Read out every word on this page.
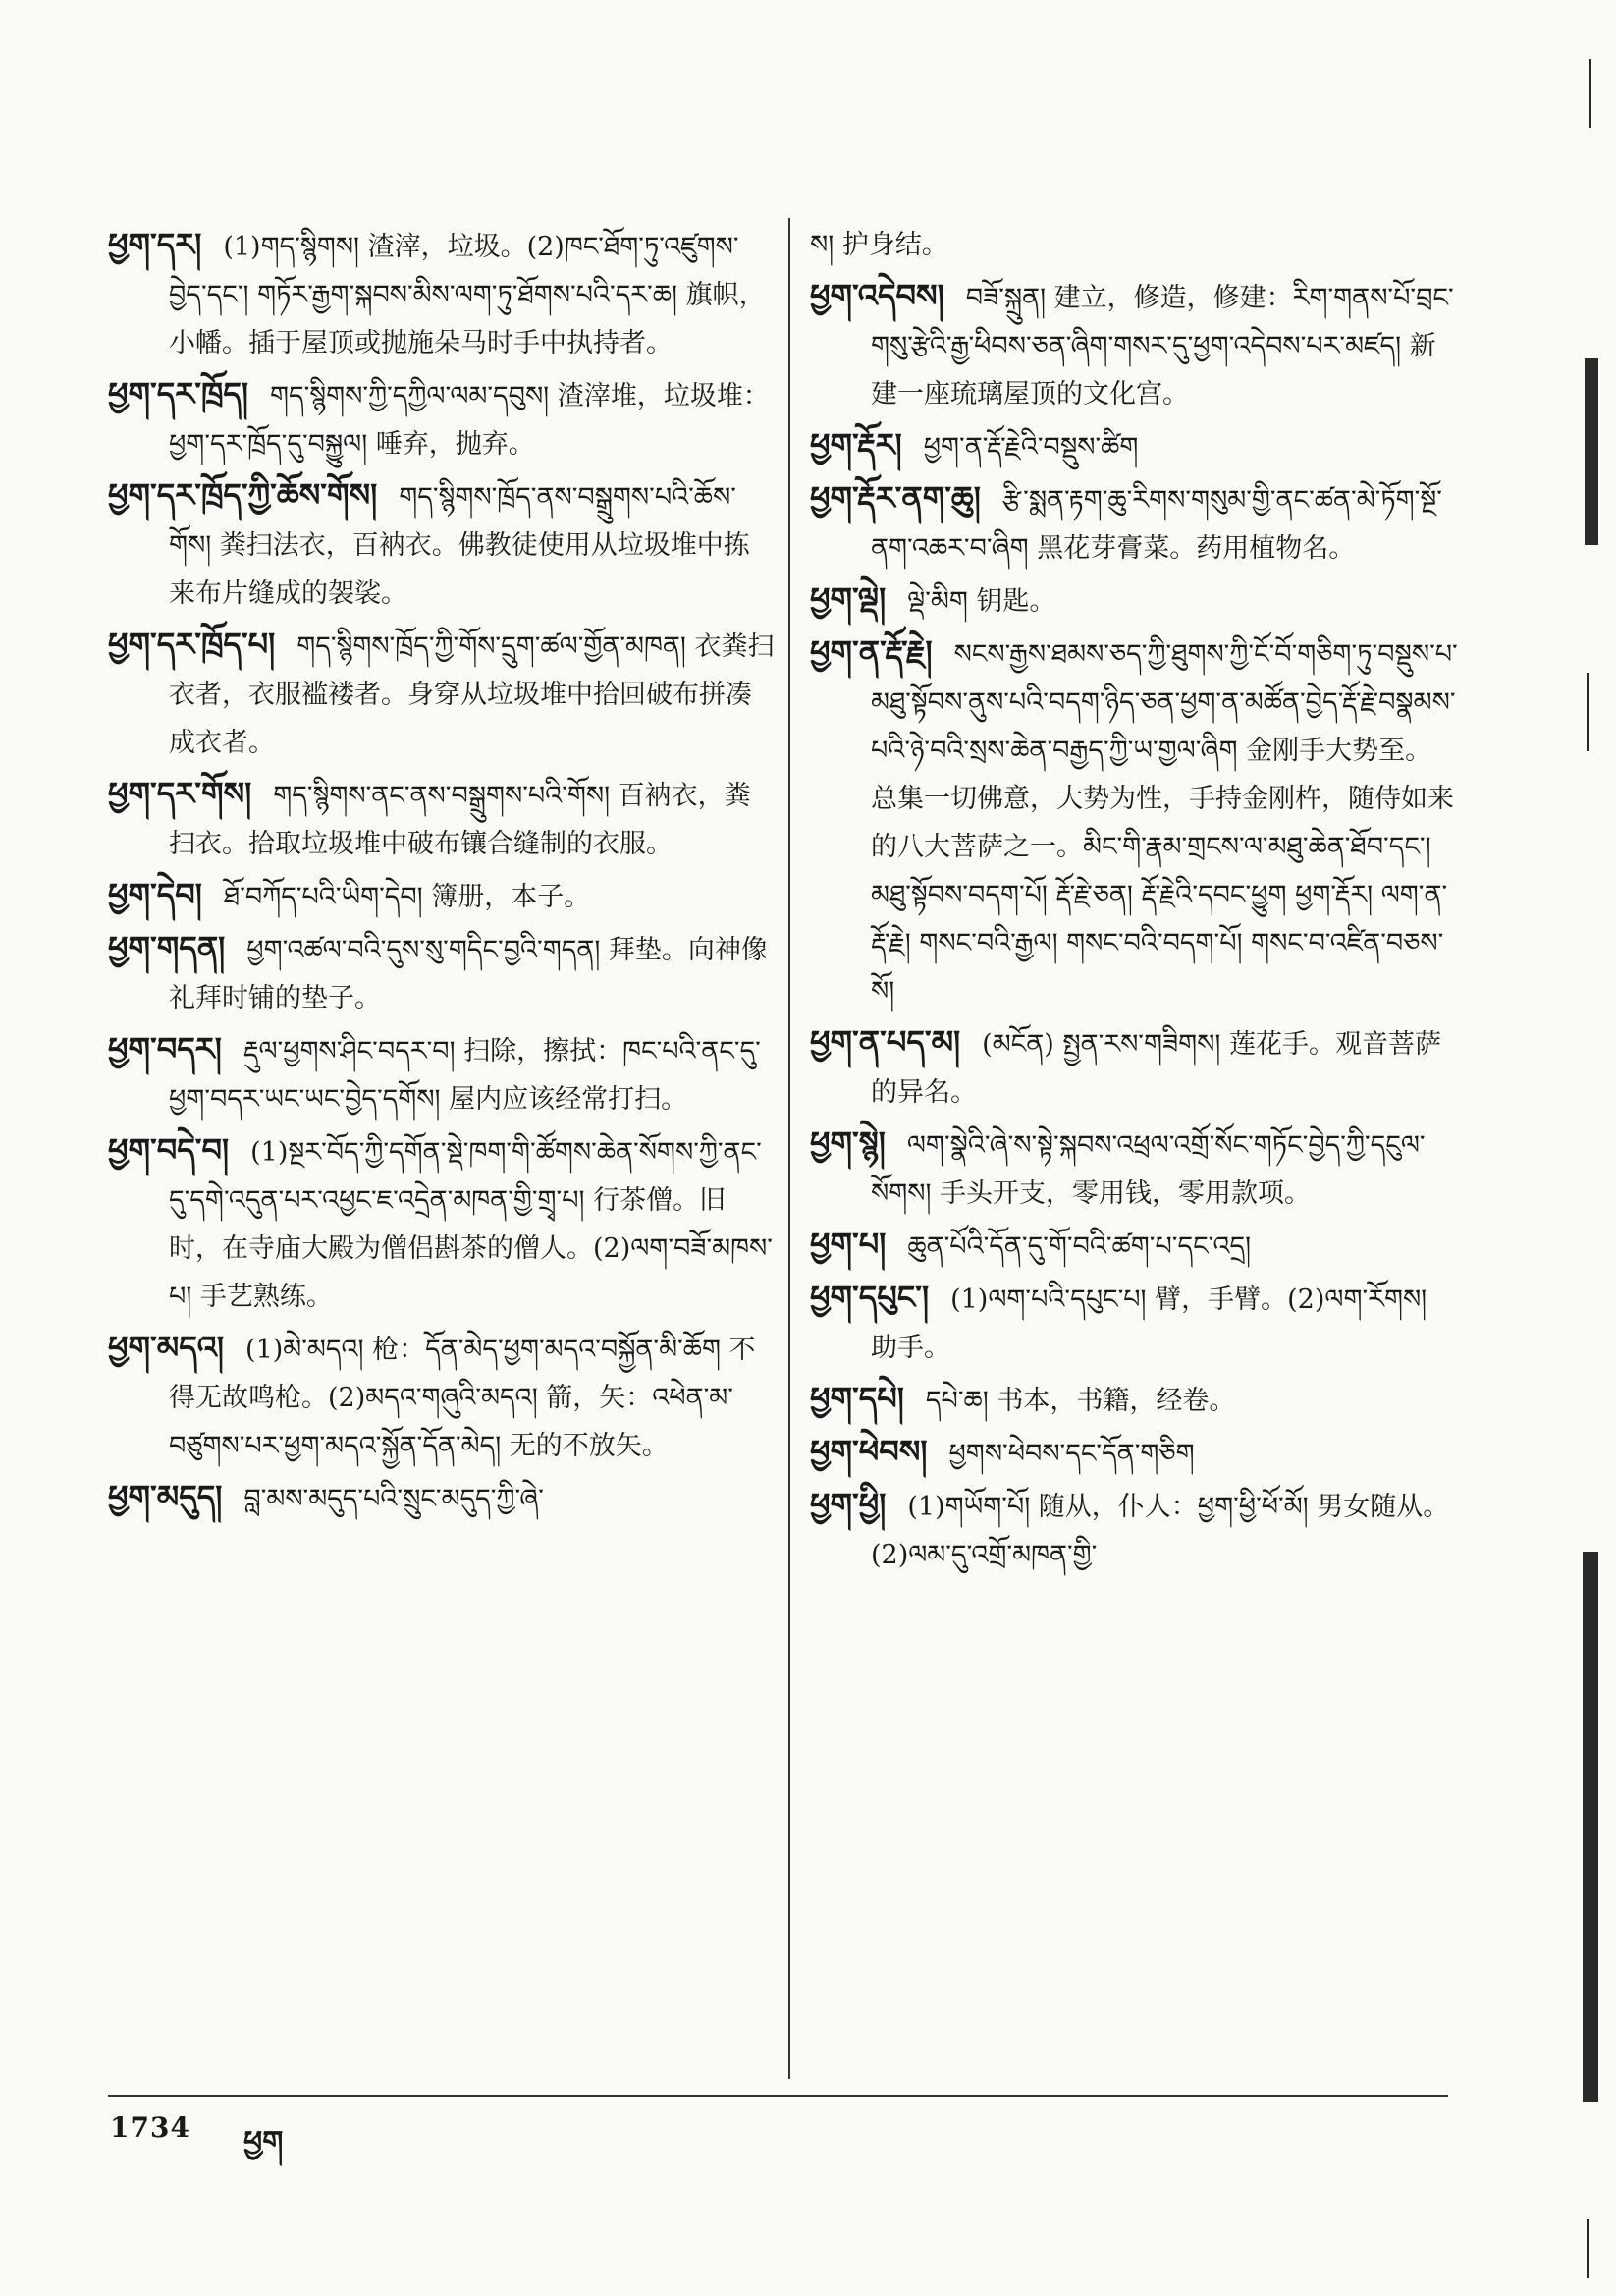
ཕྱག་དར། (1)གད་སྙིགས། 渣滓，垃圾。(2)ཁང་ཐོག་ཏུ་འཛུགས་བྱེད་དང་། གཏོར་རྒྱག་སྐབས་མིས་ལག་ཏུ་ཐོགས་པའི་དར་ཆ། 旗帜，小幡。插于屋顶或抛施朵马时手中执持者。
ཕྱག་དར་ཁྲོད། གད་སྙིགས་ཀྱི་དཀྱིལ་ལམ་དབུས། 渣滓堆，垃圾堆：ཕྱག་དར་ཁྲོད་དུ་བསྐྱུལ། 唾弃，抛弃。
ཕྱག་དར་ཁྲོད་ཀྱི་ཆོས་གོས། གད་སྙིགས་ཁྲོད་ནས་བསྒྲུགས་པའི་ཆོས་གོས། 粪扫法衣，百衲衣。佛教徒使用从垃圾堆中拣来布片缝成的袈裟。
ཕྱག་དར་ཁྲོད་པ། གད་སྙིགས་ཁྲོད་ཀྱི་གོས་དྲུག་ཚལ་གྱོན་མཁན། 衣粪扫衣者，衣服褴褛者。身穿从垃圾堆中拾回破布拼凑成衣者。
ཕྱག་དར་གོས། གད་སྙིགས་ནང་ནས་བསྒྲུགས་པའི་གོས། 百衲衣，粪扫衣。拾取垃圾堆中破布镶合缝制的衣服。
ཕྱག་དེབ། ཐོ་བཀོད་པའི་ཡིག་དེབ། 簿册，本子。
ཕྱག་གདན། ཕྱག་འཚལ་བའི་དུས་སུ་གདིང་བྱའི་གདན། 拜垫。向神像礼拜时铺的垫子。
ཕྱག་བདར། རྡུལ་ཕྱགས་ཤིང་བདར་བ། 扫除，擦拭：ཁང་པའི་ནང་དུ་ཕྱག་བདར་ཡང་ཡང་བྱེད་དགོས། 屋内应该经常打扫。
ཕྱག་བདེ་བ། (1)སྔར་བོད་ཀྱི་དགོན་སྡེ་ཁག་གི་ཚོགས་ཆེན་སོགས་ཀྱི་ནང་དུ་དགེ་འདུན་པར་འཕྱང་ཇ་འདྲེན་མཁན་གྱི་གྲྭ་པ། 行茶僧。旧时，在寺庙大殿为僧侣斟茶的僧人。(2)ལག་བཟོ་མཁས་པ། 手艺熟练。
ཕྱག་མདའ། (1)མེ་མདའ། 枪：དོན་མེད་ཕྱག་མདའ་བསྐྱོན་མི་ཆོག 不得无故鸣枪。(2)མདའ་གཞུའི་མདའ། 箭，矢：འཕེན་མ་བཙུགས་པར་ཕྱག་མདའ་སྐྱོན་དོན་མེད། 无的不放矢。
ཕྱག་མདུད། བླ་མས་མདུད་པའི་སྲུང་མདུད་ཀྱི་ཞེ་
ས། 护身结。
ཕྱག་འདེབས། བཟོ་སྐྲུན། 建立，修造，修建：རིག་གནས་པོ་བྲང་གསུ་རྩེའི་རྒྱ་ཕིབས་ཅན་ཞིག་གསར་དུ་ཕྱག་འདེབས་པར་མཛད། 新建一座琉璃屋顶的文化宫。
ཕྱག་རྡོར། ཕྱག་ན་རྡོ་རྗེའི་བསྡུས་ཚིག
ཕྱག་རྡོར་ནག་ཆུ། རྩི་སྨན་རྟག་ཆུ་རིགས་གསུམ་གྱི་ནང་ཚན་མེ་ཏོག་སྔོ་ནག་འཆར་བ་ཞིག 黑花芽膏菜。药用植物名。
ཕྱག་ལྡེ། ལྡེ་མིག 钥匙。
ཕྱག་ན་རྡོ་རྗེ། སངས་རྒྱས་ཐམས་ཅད་ཀྱི་ཐུགས་ཀྱི་ངོ་བོ་གཅིག་ཏུ་བསྡུས་པ་མཐུ་སྟོབས་ནུས་པའི་བདག་ཉིད་ཅན་ཕྱག་ན་མཚོན་བྱེད་རྡོ་རྗེ་བསྣམས་པའི་ཉེ་བའི་སྲས་ཆེན་བརྒྱད་ཀྱི་ཡ་གྱལ་ཞིག 金刚手大势至。总集一切佛意，大势为性，手持金刚杵，随侍如来的八大菩萨之一。མིང་གི་རྣམ་གྲངས་ལ་མཐུ་ཆེན་ཐོབ་དང་། མཐུ་སྟོབས་བདག་པོ། རྡོ་རྗེ་ཅན། རྡོ་རྗེའི་དབང་ཕྱུག ཕྱག་རྡོར། ལག་ན་རྡོ་རྗེ། གསང་བའི་རྒྱལ། གསང་བའི་བདག་པོ། གསང་བ་འཛིན་བཅས་སོ།
ཕྱག་ན་པད་མ། (མངོན) སྤྱན་རས་གཟིགས། 莲花手。观音菩萨的异名。
ཕྱག་སྙེ། ལག་སྣེའི་ཞེ་ས་སྟེ་སྐབས་འཕྲལ་འགྲོ་སོང་གཏོང་བྱེད་ཀྱི་དངུལ་སོགས། 手头开支，零用钱，零用款项。
ཕྱག་པ། ཆུན་པོའི་དོན་དུ་གོ་བའི་ཚག་པ་དང་འདྲ།
ཕྱག་དཔུང་། (1)ལག་པའི་དཔུང་པ། 臂，手臂。(2)ལག་རོགས། 助手。
ཕྱག་དཔེ། དཔེ་ཆ། 书本，书籍，经卷。
ཕྱག་ཕེབས། ཕྱགས་ཕེབས་དང་དོན་གཅིག
ཕྱག་ཕྱི། (1)གཡོག་པོ། 随从，仆人：ཕྱག་ཕྱི་ཕོ་མོ། 男女随从。(2)ལམ་དུ་འགྲོ་མཁན་གྱི་
1734 ཕྱག
